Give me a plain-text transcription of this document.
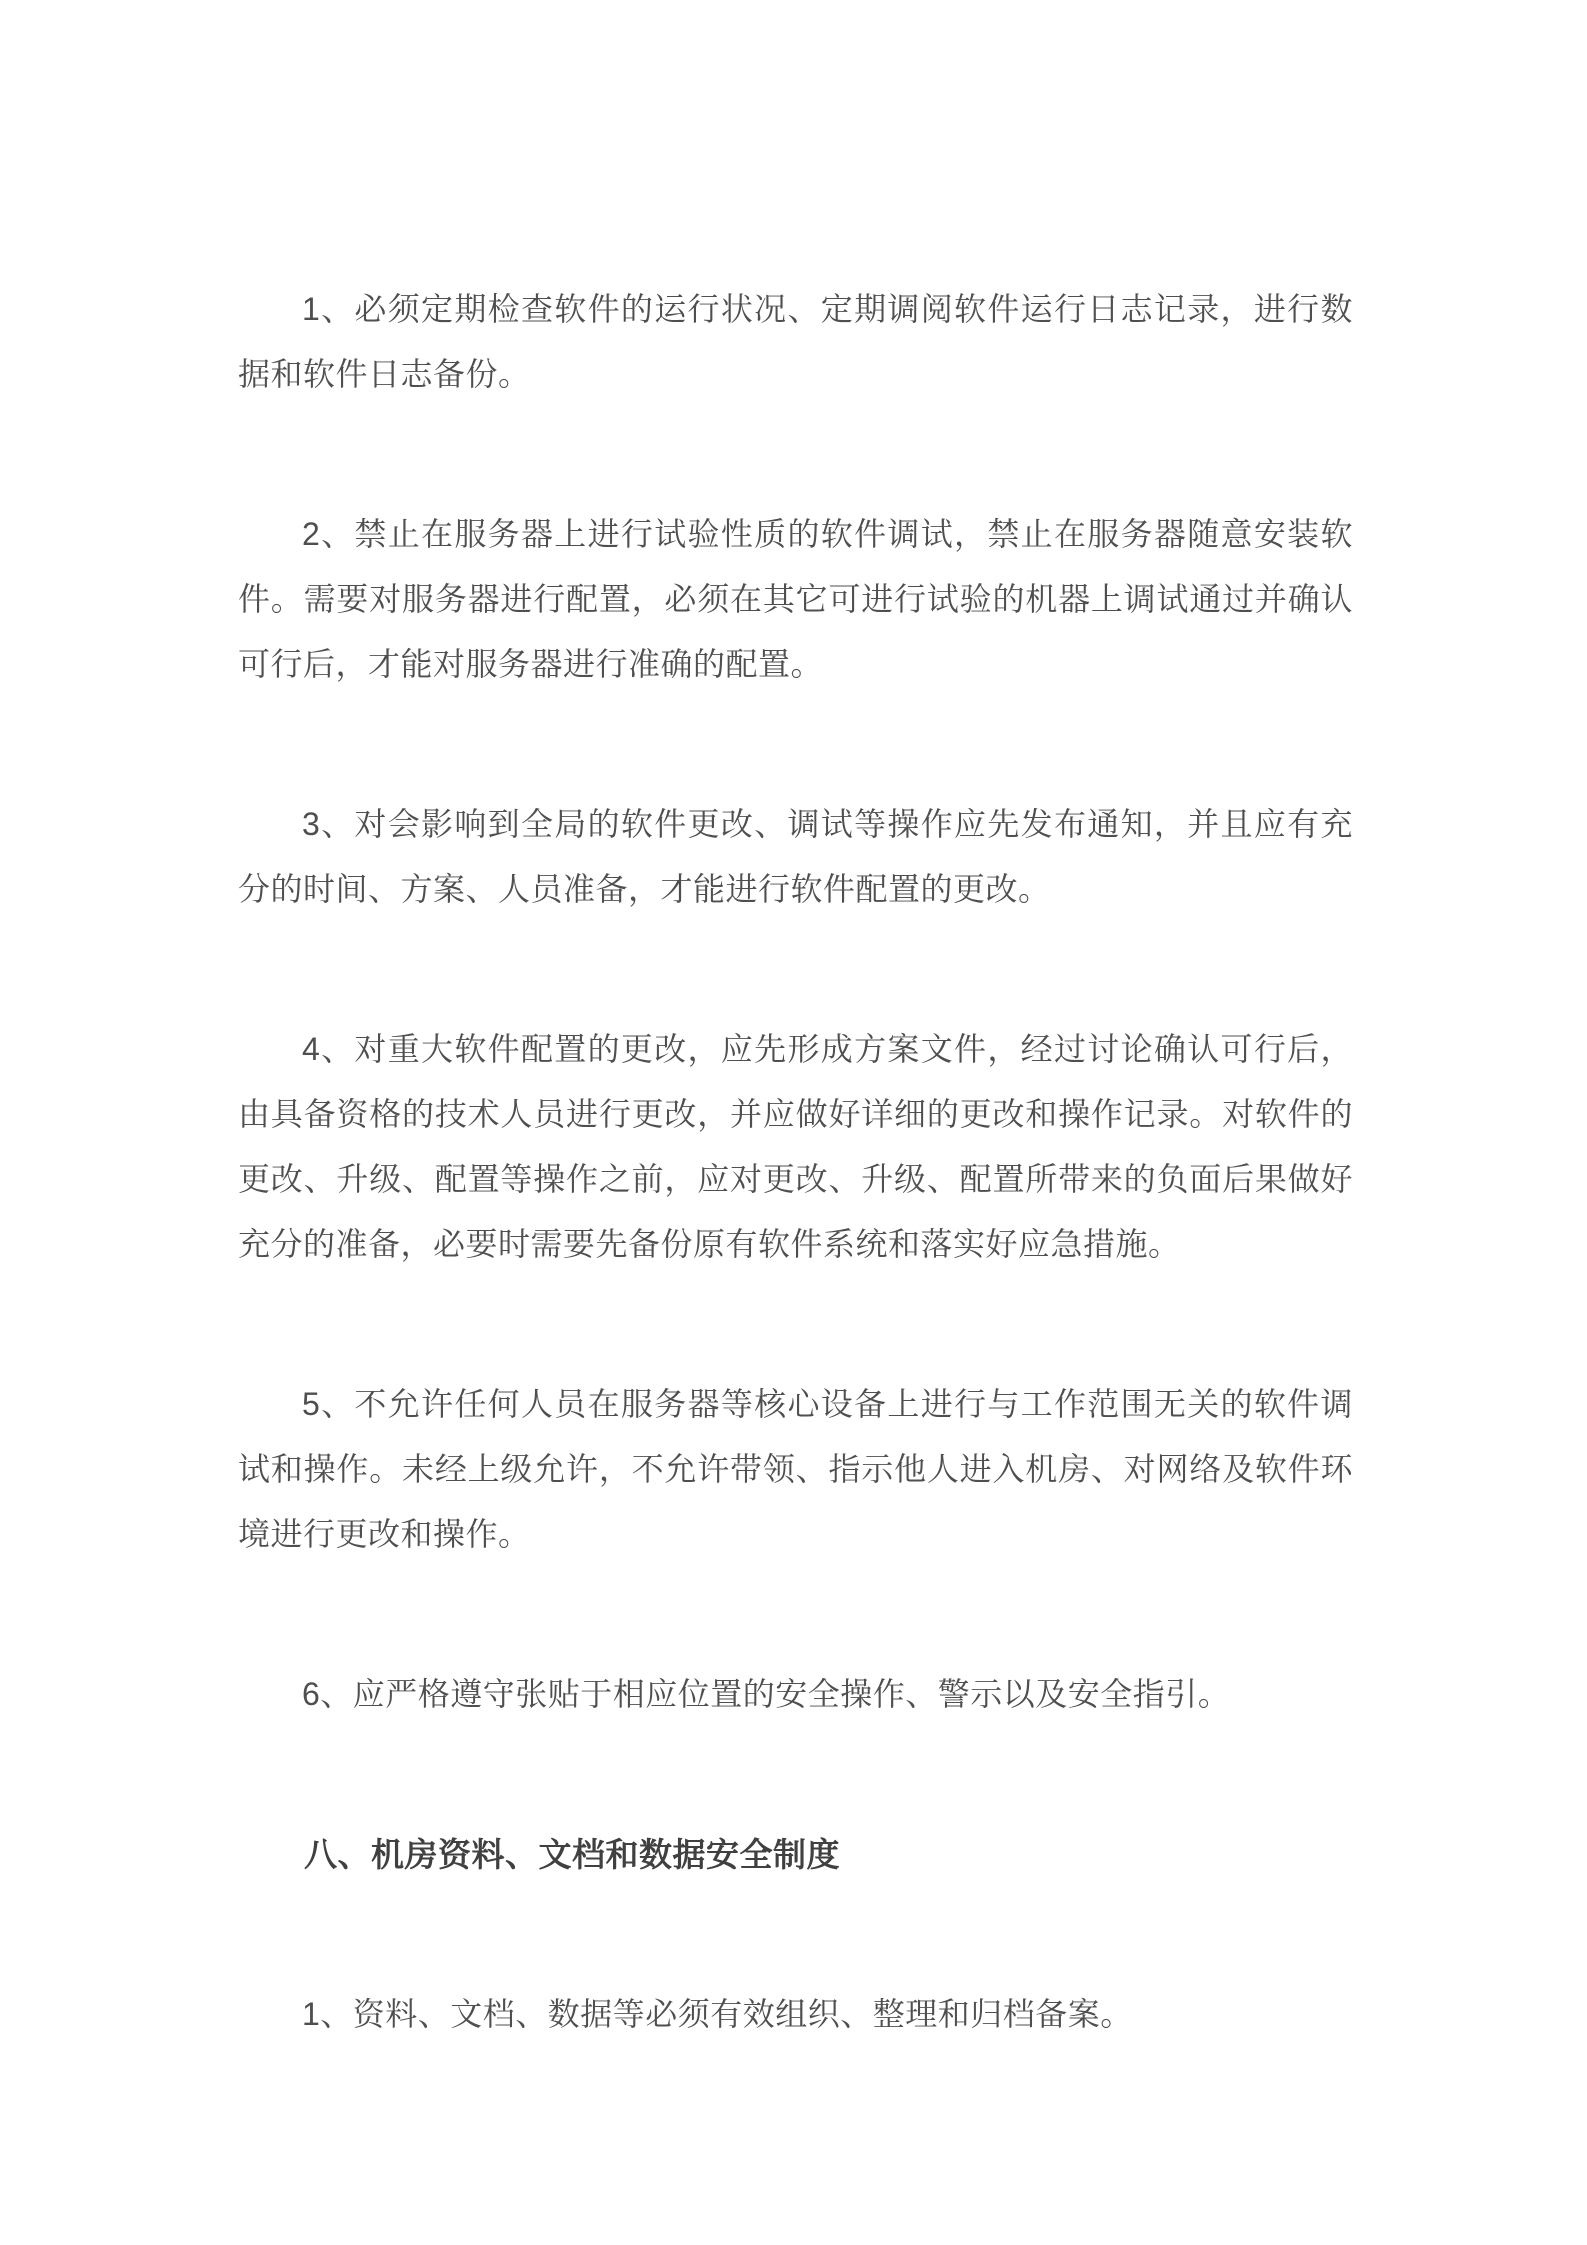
1、必须定期检查软件的运行状况、定期调阅软件运行日志记录，进行数据和软件日志备份。

2、禁止在服务器上进行试验性质的软件调试，禁止在服务器随意安装软件。需要对服务器进行配置，必须在其它可进行试验的机器上调试通过并确认可行后，才能对服务器进行准确的配置。

3、对会影响到全局的软件更改、调试等操作应先发布通知，并且应有充分的时间、方案、人员准备，才能进行软件配置的更改。

4、对重大软件配置的更改，应先形成方案文件，经过讨论确认可行后，由具备资格的技术人员进行更改，并应做好详细的更改和操作记录。对软件的更改、升级、配置等操作之前，应对更改、升级、配置所带来的负面后果做好充分的准备，必要时需要先备份原有软件系统和落实好应急措施。

5、不允许任何人员在服务器等核心设备上进行与工作范围无关的软件调试和操作。未经上级允许，不允许带领、指示他人进入机房、对网络及软件环境进行更改和操作。

6、应严格遵守张贴于相应位置的安全操作、警示以及安全指引。

八、机房资料、文档和数据安全制度

1、资料、文档、数据等必须有效组织、整理和归档备案。
